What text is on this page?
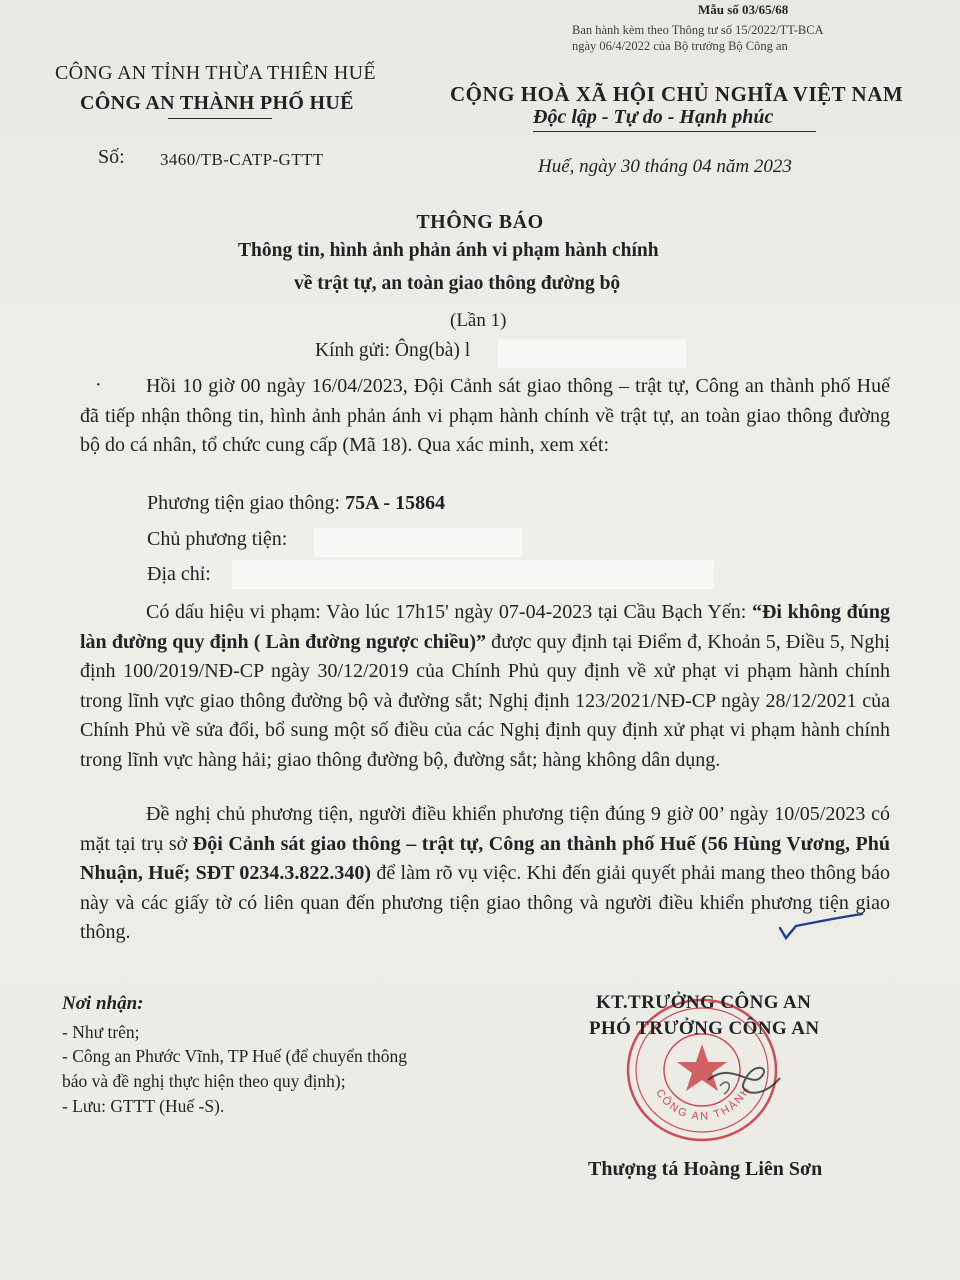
Mẫu số 03/65/68
Ban hành kèm theo Thông tư số 15/2022/TT-BCA
ngày 06/4/2022 của Bộ trưởng Bộ Công an
CÔNG AN TỈNH THỪA THIÊN HUẾ
CÔNG AN THÀNH PHỐ HUẾ	CỘNG HOÀ XÃ HỘI CHỦ NGHĨA VIỆT NAM
Độc lập - Tự do - Hạnh phúc
Số: 3460/TB-CATP-GTTT	Huế, ngày 30 tháng 04 năm 2023
THÔNG BÁO
Thông tin, hình ảnh phản ánh vi phạm hành chính
về trật tự, an toàn giao thông đường bộ
(Lần 1)
Kính gửi: Ông(bà) l
·	Hồi 10 giờ 00 ngày 16/04/2023, Đội Cảnh sát giao thông – trật tự, Công an thành phố Huế đã tiếp nhận thông tin, hình ảnh phản ánh vi phạm hành chính về trật tự, an toàn giao thông đường bộ do cá nhân, tổ chức cung cấp (Mã 18). Qua xác minh, xem xét:
Phương tiện giao thông: 75A - 15864
Chủ phương tiện:
Địa chỉ:
Có dấu hiệu vi phạm: Vào lúc 17h15' ngày 07-04-2023 tại Cầu Bạch Yến: “Đi không đúng làn đường quy định ( Làn đường ngược chiều)” được quy định tại Điểm đ, Khoản 5, Điều 5, Nghị định 100/2019/NĐ-CP ngày 30/12/2019 của Chính Phủ quy định về xử phạt vi phạm hành chính trong lĩnh vực giao thông đường bộ và đường sắt; Nghị định 123/2021/NĐ-CP ngày 28/12/2021 của Chính Phủ về sửa đổi, bổ sung một số điều của các Nghị định quy định xử phạt vi phạm hành chính trong lĩnh vực hàng hải; giao thông đường bộ, đường sắt; hàng không dân dụng.
Đề nghị chủ phương tiện, người điều khiển phương tiện đúng 9 giờ 00’ ngày 10/05/2023 có mặt tại trụ sở Đội Cảnh sát giao thông – trật tự, Công an thành phố Huế (56 Hùng Vương, Phú Nhuận, Huế; SĐT 0234.3.822.340) để làm rõ vụ việc. Khi đến giải quyết phải mang theo thông báo này và các giấy tờ có liên quan đến phương tiện giao thông và người điều khiển phương tiện giao thông.
Nơi nhận:
- Như trên;
- Công an Phước Vĩnh, TP Huế (để chuyển thông
báo và đề nghị thực hiện theo quy định);
- Lưu: GTTT (Huế -S).
CÔNG AN THÀNH
KT.TRƯỞNG CÔNG AN
PHÓ TRƯỞNG CÔNG AN
Thượng tá Hoàng Liên Sơn
